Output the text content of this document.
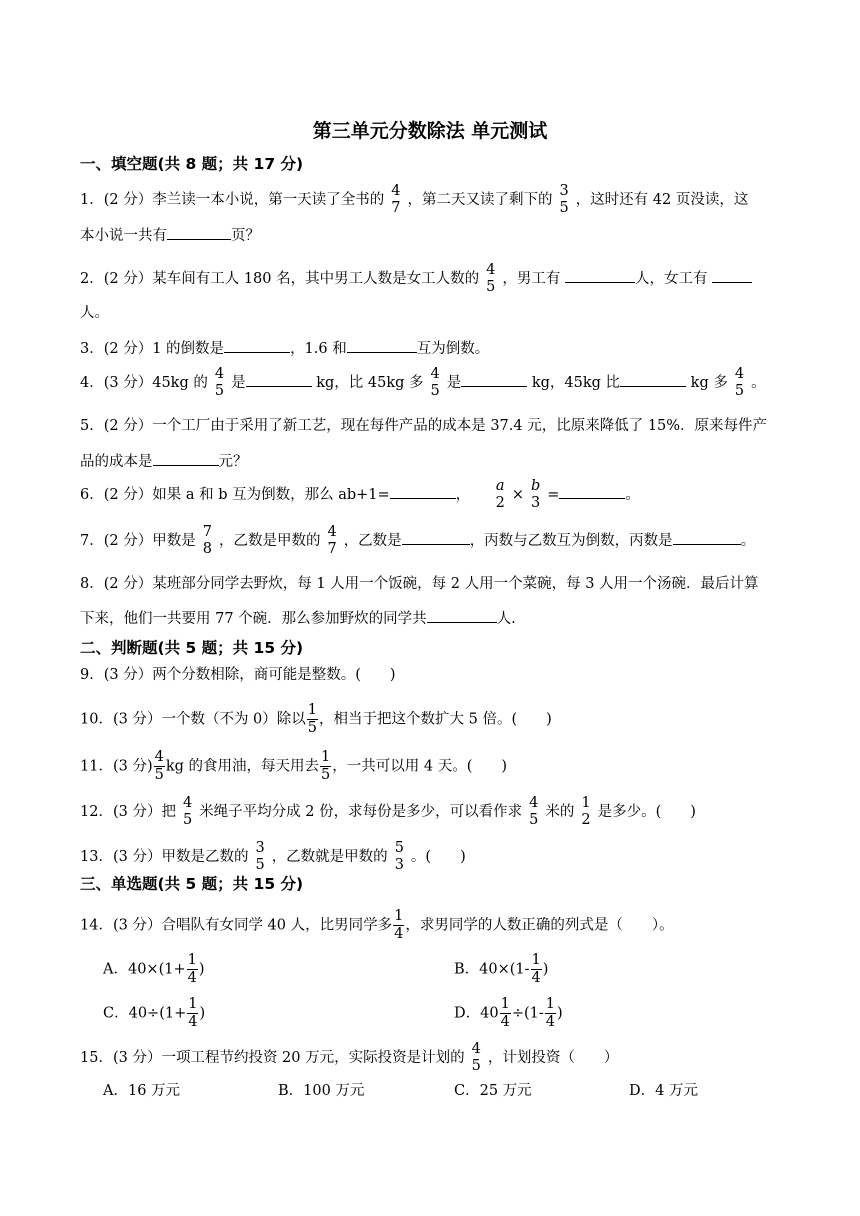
第三单元分数除法 单元测试
一、填空题(共 8 题；共 17 分)
1．(2 分）李兰读一本小说，第一天读了全书的
4
7 ，第二天又读了剩下的
3
5 ，这时还有 42 页没读，这
本小说一共有	页？
2．(2 分）某车间有工人 180 名，其中男工人数是女工人数的
4
5 ，男工有	人，女工有
人。
3．(2 分）1 的倒数是	，1.6 和	互为倒数。
4．(3 分）45kg 的
4
5 是	kg，比 45kg 多
4
5 是	kg，45kg 比	kg 多
4
5 。
5．(2 分）一个工厂由于采用了新工艺，现在每件产品的成本是 37.4 元，比原来降低了 15%．原来每件产
品的成本是	元？
6．(2 分）如果 a 和 b 互为倒数，那么 ab+1=	，
a
2 ×
b
3 =	。
7．(2 分）甲数是
7
8 ，乙数是甲数的
4
7 ，乙数是	，丙数与乙数互为倒数，丙数是	。
8．(2 分）某班部分同学去野炊，每 1 人用一个饭碗，每 2 人用一个菜碗，每 3 人用一个汤碗．最后计算
下来，他们一共要用 77 个碗．那么参加野炊的同学共	人.
二、判断题(共 5 题；共 15 分)
9．(3 分）两个分数相除，商可能是整数。(　　)
10．(3 分）一个数（不为 0）除以 $\frac{1}{5}$ ，相当于把这个数扩大 5 倍。(　　)
11．(3 分) $\frac{4}{5}$ kg 的食用油，每天用去 $\frac{1}{5}$ ，一共可以用 4 天。(　　)
12．(3 分）把
4
5 米绳子平均分成 2 份，求每份是多少，可以看作求
4
5 米的
1
2 是多少。(　　)
13．(3 分）甲数是乙数的
3
5 ，乙数就是甲数的
5
3 。(　　)
三、单选题(共 5 题；共 15 分)
14．(3 分）合唱队有女同学 40 人，比男同学多 $\frac{1}{4}$ ，求男同学的人数正确的列式是（　　）。
A．$40\times(1+ \frac{1}{4}$ )	B．$40\times(1- \frac{1}{4}$ )
C．$40\div(1+ \frac{1}{4}$ )	D．$40 \frac{1}{4} \div(1- \frac{1}{4}$ )
15．(3 分）一项工程节约投资 20 万元，实际投资是计划的
4
5 ，计划投资（　　）
A．16 万元	B．100 万元	C．25 万元	D．4 万元
